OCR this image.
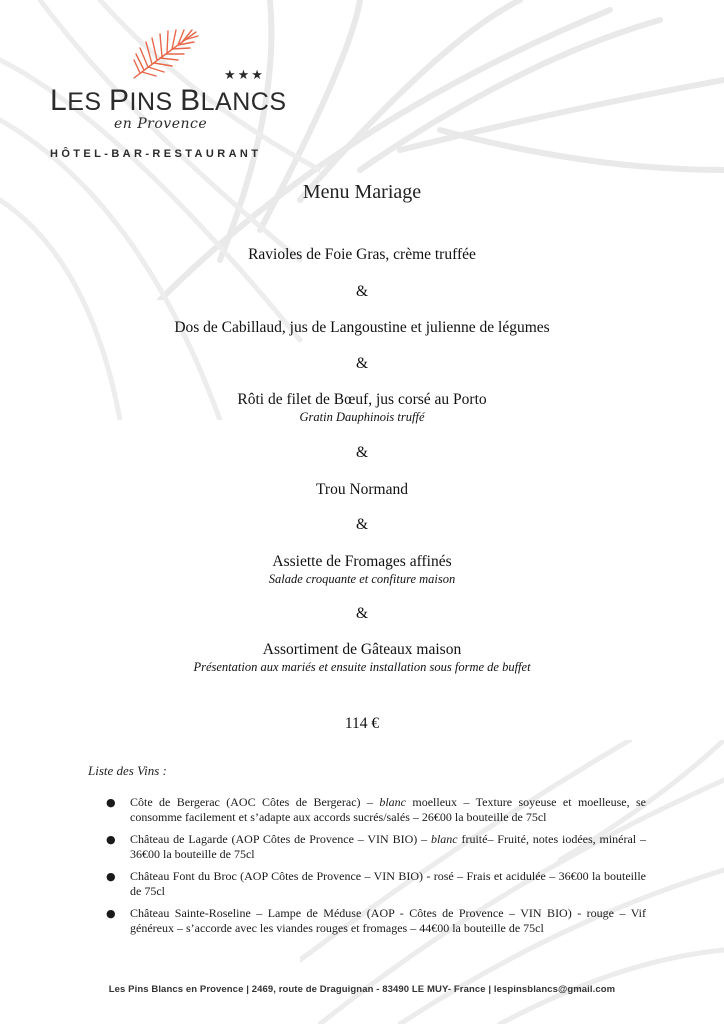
★★★
LES PINS BLANCS
en Provence
HÔTEL-BAR-RESTAURANT
Menu Mariage
Ravioles de Foie Gras, crème truffée
&
Dos de Cabillaud, jus de Langoustine et julienne de légumes
&
Rôti de filet de Bœuf, jus corsé au Porto
Gratin Dauphinois truffé
&
Trou Normand
&
Assiette de Fromages affinés
Salade croquante et confiture maison
&
Assortiment de Gâteaux maison
Présentation aux mariés et ensuite installation sous forme de buffet
114 €
Liste des Vins :
● Côte de Bergerac (AOC Côtes de Bergerac) – blanc moelleux – Texture soyeuse et moelleuse, se consomme facilement et s’adapte aux accords sucrés/salés – 26€00 la bouteille de 75cl
● Château de Lagarde (AOP Côtes de Provence – VIN BIO) – blanc fruité– Fruité, notes iodées, minéral – 36€00 la bouteille de 75cl
● Château Font du Broc (AOP Côtes de Provence – VIN BIO) - rosé – Frais et acidulée – 36€00 la bouteille de 75cl
● Château Sainte-Roseline – Lampe de Méduse (AOP - Côtes de Provence – VIN BIO) - rouge – Vif généreux – s’accorde avec les viandes rouges et fromages – 44€00 la bouteille de 75cl
Les Pins Blancs en Provence | 2469, route de Draguignan - 83490 LE MUY- France | lespinsblancs@gmail.com
